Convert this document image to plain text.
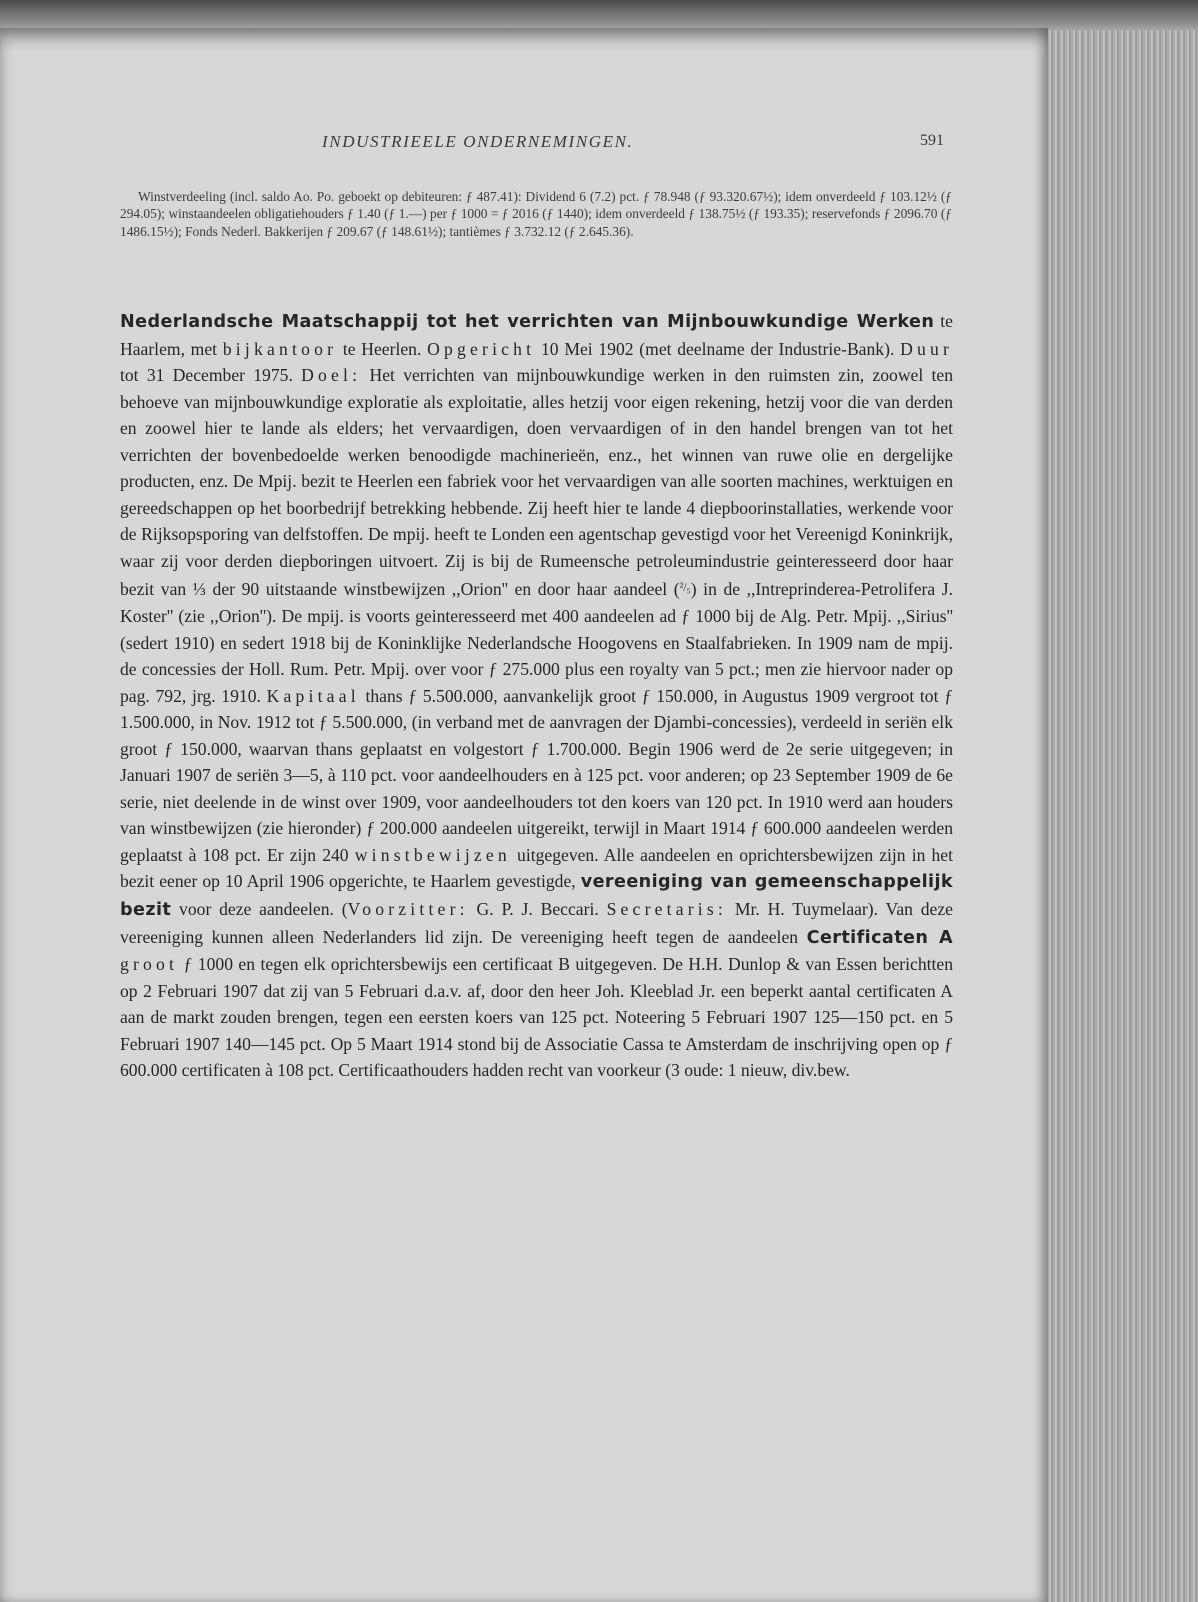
INDUSTRIEELE ONDERNEMINGEN.	591
Winstverdeeling (incl. saldo Ao. Po. geboekt op debiteuren: ƒ 487.41): Dividend 6 (7.2) pct. ƒ 78.948 (ƒ 93.320.67½); idem onverdeeld ƒ 103.12½ (ƒ 294.05); winstaandeelen obligatiehouders ƒ 1.40 (ƒ 1.—) per ƒ 1000 = ƒ 2016 (ƒ 1440); idem onverdeeld ƒ 138.75½ (ƒ 193.35); reservefonds ƒ 2096.70 (ƒ 1486.15½); Fonds Nederl. Bakkerijen ƒ 209.67 (ƒ 148.61½); tantièmes ƒ 3.732.12 (ƒ 2.645.36).

Nederlandsche Maatschappij tot het verrichten van Mijnbouwkundige Werken te Haarlem, met bijkantoor te Heerlen. Opgericht 10 Mei 1902 (met deelname der Industrie-Bank). Duur tot 31 December 1975. Doel: Het verrichten van mijnbouwkundige werken in den ruimsten zin, zoowel ten behoeve van mijnbouwkundige exploratie als exploitatie, alles hetzij voor eigen rekening, hetzij voor die van derden en zoowel hier te lande als elders; het vervaardigen, doen vervaardigen of in den handel brengen van tot het verrichten der bovenbedoelde werken benoodigde machinerieën, enz., het winnen van ruwe olie en dergelijke producten, enz. De Mpij. bezit te Heerlen een fabriek voor het vervaardigen van alle soorten machines, werktuigen en gereedschappen op het boorbedrijf betrekking hebbende. Zij heeft hier te lande 4 diepboorinstallaties, werkende voor de Rijksopsporing van delfstoffen. De mpij. heeft te Londen een agentschap gevestigd voor het Vereenigd Koninkrijk, waar zij voor derden diepboringen uitvoert. Zij is bij de Rumeensche petroleumindustrie geinteresseerd door haar bezit van ⅓ der 90 uitstaande winstbewijzen ,,Orion'' en door haar aandeel ($^{^2/_5}$) in de ,,Intreprinderea-Petrolifera J. Koster'' (zie ,,Orion''). De mpij. is voorts geinteresseerd met 400 aandeelen ad ƒ 1000 bij de Alg. Petr. Mpij. ,,Sirius'' (sedert 1910) en sedert 1918 bij de Koninklijke Nederlandsche Hoogovens en Staalfabrieken. In 1909 nam de mpij. de concessies der Holl. Rum. Petr. Mpij. over voor ƒ 275.000 plus een royalty van 5 pct.; men zie hiervoor nader op pag. 792, jrg. 1910. Kapitaal thans ƒ 5.500.000, aanvankelijk groot ƒ 150.000, in Augustus 1909 vergroot tot ƒ 1.500.000, in Nov. 1912 tot ƒ 5.500.000, (in verband met de aanvragen der Djambi-concessies), verdeeld in seriën elk groot ƒ 150.000, waarvan thans geplaatst en volgestort ƒ 1.700.000. Begin 1906 werd de 2e serie uitgegeven; in Januari 1907 de seriën 3—5, à 110 pct. voor aandeelhouders en à 125 pct. voor anderen; op 23 September 1909 de 6e serie, niet deelende in de winst over 1909, voor aandeelhouders tot den koers van 120 pct. In 1910 werd aan houders van winstbewijzen (zie hieronder) ƒ 200.000 aandeelen uitgereikt, terwijl in Maart 1914 ƒ 600.000 aandeelen werden geplaatst à 108 pct. Er zijn 240 winstbewijzen uitgegeven. Alle aandeelen en oprichtersbewijzen zijn in het bezit eener op 10 April 1906 opgerichte, te Haarlem gevestigde, vereeniging van gemeenschappelijk bezit voor deze aandeelen. (Voorzitter: G. P. J. Beccari. Secretaris: Mr. H. Tuymelaar). Van deze vereeniging kunnen alleen Nederlanders lid zijn. De vereeniging heeft tegen de aandeelen Certificaten A groot ƒ 1000 en tegen elk oprichtersbewijs een certificaat B uitgegeven. De H.H. Dunlop & van Essen berichtten op 2 Februari 1907 dat zij van 5 Februari d.a.v. af, door den heer Joh. Kleeblad Jr. een beperkt aantal certificaten A aan de markt zouden brengen, tegen een eersten koers van 125 pct. Noteering 5 Februari 1907 125—150 pct. en 5 Februari 1907 140—145 pct. Op 5 Maart 1914 stond bij de Associatie Cassa te Amsterdam de inschrijving open op ƒ 600.000 certificaten à 108 pct. Certificaathouders hadden recht van voorkeur (3 oude: 1 nieuw, div.bew.
